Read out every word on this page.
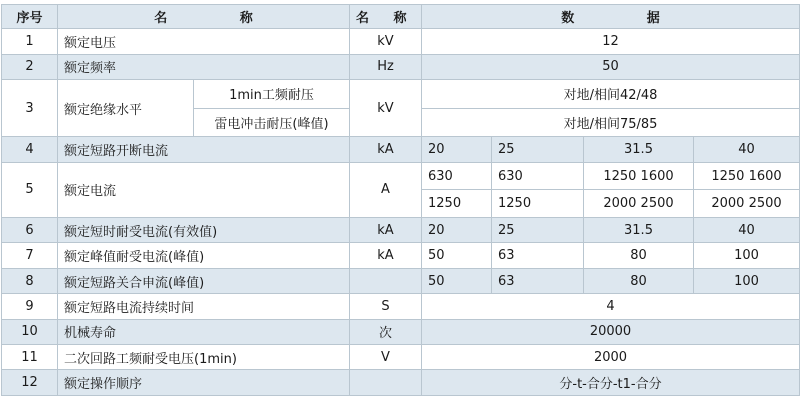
序号	名 称		名 称	数 据			
1	额定电压		kV	12			
2	额定频率		Hz	50			
3	额定绝缘水平	1min工频耐压	kV	对地/相间42/48			
		雷电冲击耐压(峰值)		对地/相间75/85			
4	额定短路开断电流		kA	20	25	31.5	40
5	额定电流		A	630	630	1250 1600	1250 1600
				1250	1250	2000 2500	2000 2500
6	额定短时耐受电流(有效值)		kA	20	25	31.5	40
7	额定峰值耐受电流(峰值)		kA	50	63	80	100
8	额定短路关合申流(峰值)			50	63	80	100
9	额定短路电流持续时间		S	4			
10	机械寿命		次	20000			
11	二次回路工频耐受电压(1min)		V	2000			
12	额定操作顺序			分-t-合分-t1-合分			
